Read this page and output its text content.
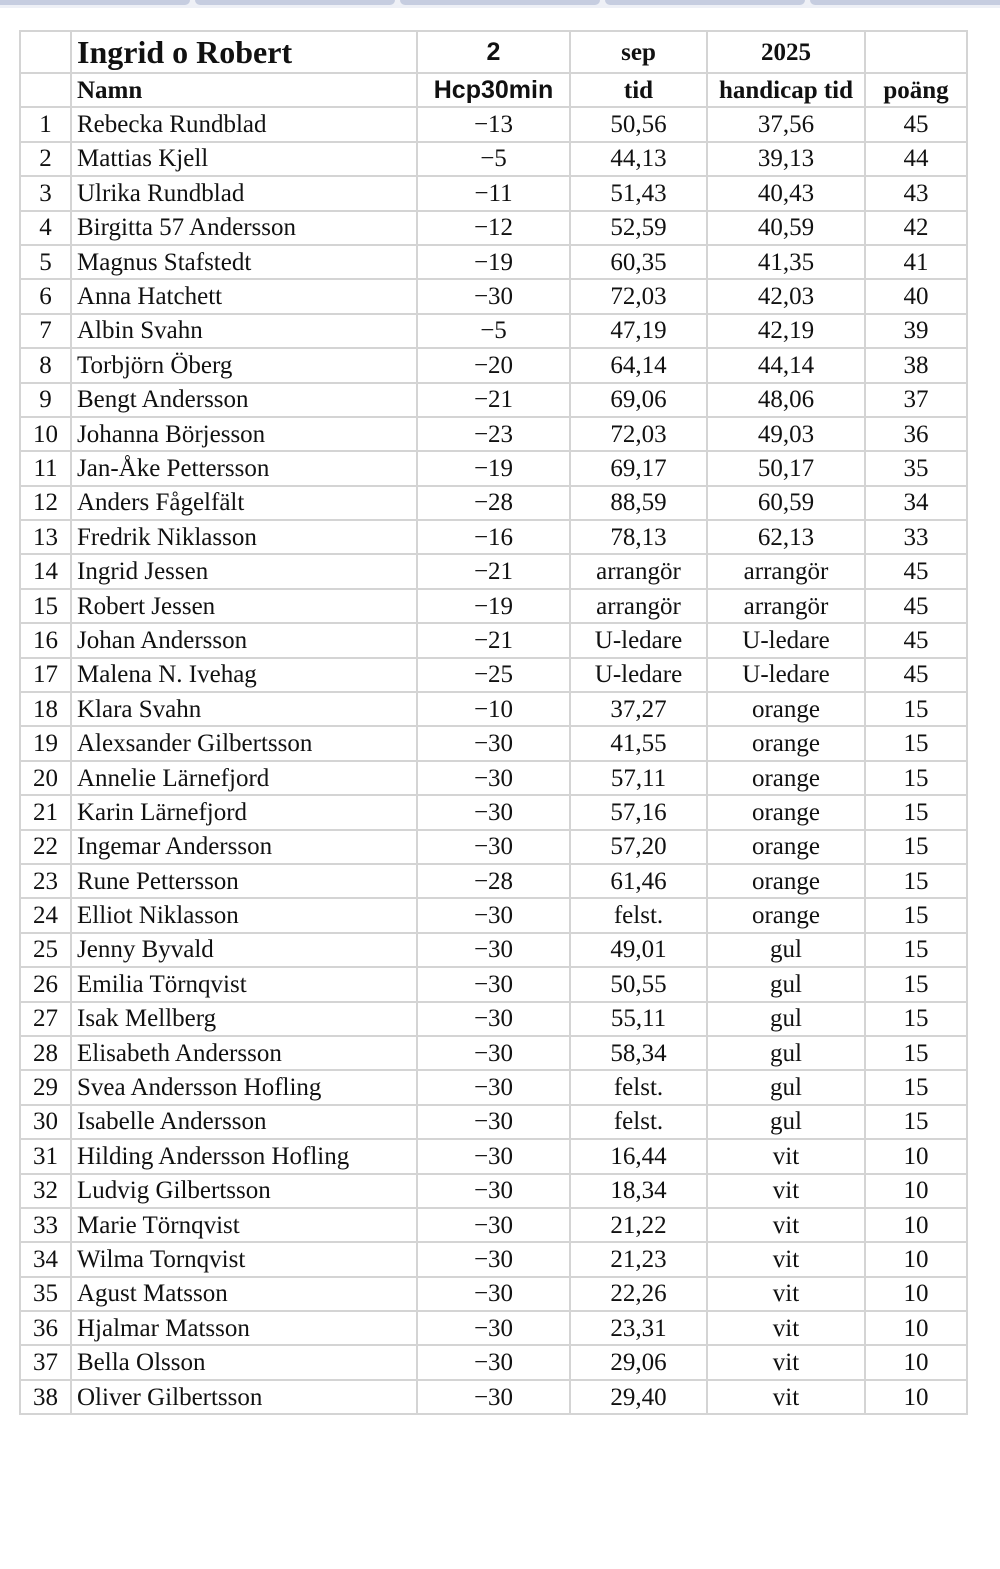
	Ingrid o Robert	2	sep	2025	
	Namn	Hcp30min	tid	handicap tid	poäng
1	Rebecka Rundblad	−13	50,56	37,56	45
2	Mattias Kjell	−5	44,13	39,13	44
3	Ulrika Rundblad	−11	51,43	40,43	43
4	Birgitta 57 Andersson	−12	52,59	40,59	42
5	Magnus Stafstedt	−19	60,35	41,35	41
6	Anna Hatchett	−30	72,03	42,03	40
7	Albin Svahn	−5	47,19	42,19	39
8	Torbjörn Öberg	−20	64,14	44,14	38
9	Bengt Andersson	−21	69,06	48,06	37
10	Johanna Börjesson	−23	72,03	49,03	36
11	Jan-Åke Pettersson	−19	69,17	50,17	35
12	Anders Fågelfält	−28	88,59	60,59	34
13	Fredrik Niklasson	−16	78,13	62,13	33
14	Ingrid Jessen	−21	arrangör	arrangör	45
15	Robert Jessen	−19	arrangör	arrangör	45
16	Johan Andersson	−21	U-ledare	U-ledare	45
17	Malena N. Ivehag	−25	U-ledare	U-ledare	45
18	Klara Svahn	−10	37,27	orange	15
19	Alexsander Gilbertsson	−30	41,55	orange	15
20	Annelie Lärnefjord	−30	57,11	orange	15
21	Karin Lärnefjord	−30	57,16	orange	15
22	Ingemar Andersson	−30	57,20	orange	15
23	Rune Pettersson	−28	61,46	orange	15
24	Elliot Niklasson	−30	felst.	orange	15
25	Jenny Byvald	−30	49,01	gul	15
26	Emilia Törnqvist	−30	50,55	gul	15
27	Isak Mellberg	−30	55,11	gul	15
28	Elisabeth Andersson	−30	58,34	gul	15
29	Svea Andersson Hofling	−30	felst.	gul	15
30	Isabelle Andersson	−30	felst.	gul	15
31	Hilding Andersson Hofling	−30	16,44	vit	10
32	Ludvig Gilbertsson	−30	18,34	vit	10
33	Marie Törnqvist	−30	21,22	vit	10
34	Wilma Tornqvist	−30	21,23	vit	10
35	Agust Matsson	−30	22,26	vit	10
36	Hjalmar Matsson	−30	23,31	vit	10
37	Bella Olsson	−30	29,06	vit	10
38	Oliver Gilbertsson	−30	29,40	vit	10
